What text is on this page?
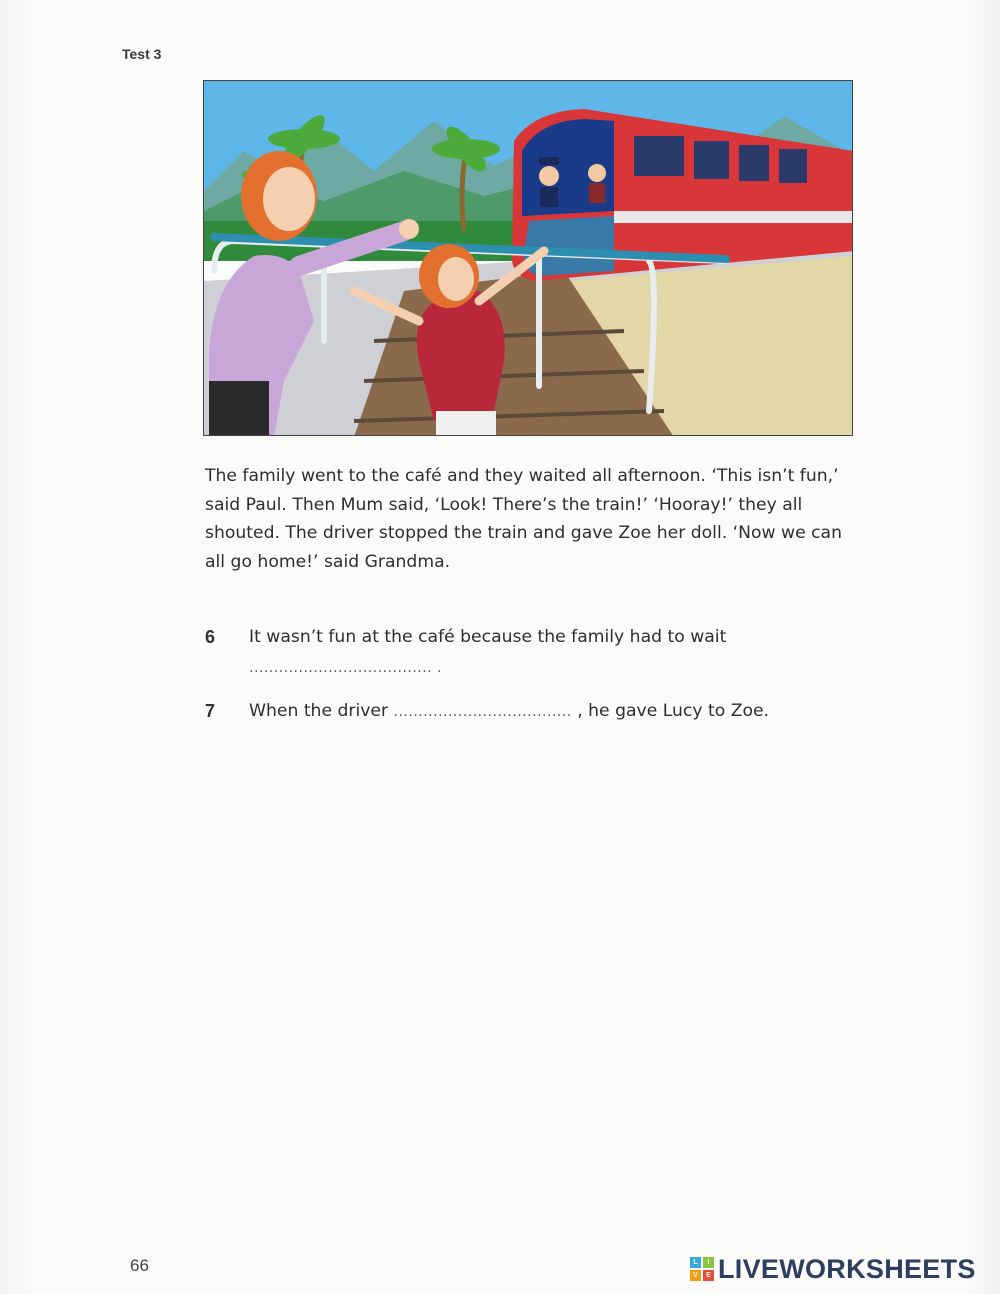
Test 3

The family went to the café and they waited all afternoon. ‘This isn’t fun,’ said Paul. Then Mum said, ‘Look! There’s the train!’ ‘Hooray!’ they all shouted. The driver stopped the train and gave Zoe her doll. ‘Now we can all go home!’ said Grandma.

6 It wasn’t fun at the café because the family had to wait
..................................... .
7 When the driver .................................... , he gave Lucy to Zoe.
66	L	I
V	E LIVEWORKSHEETS
